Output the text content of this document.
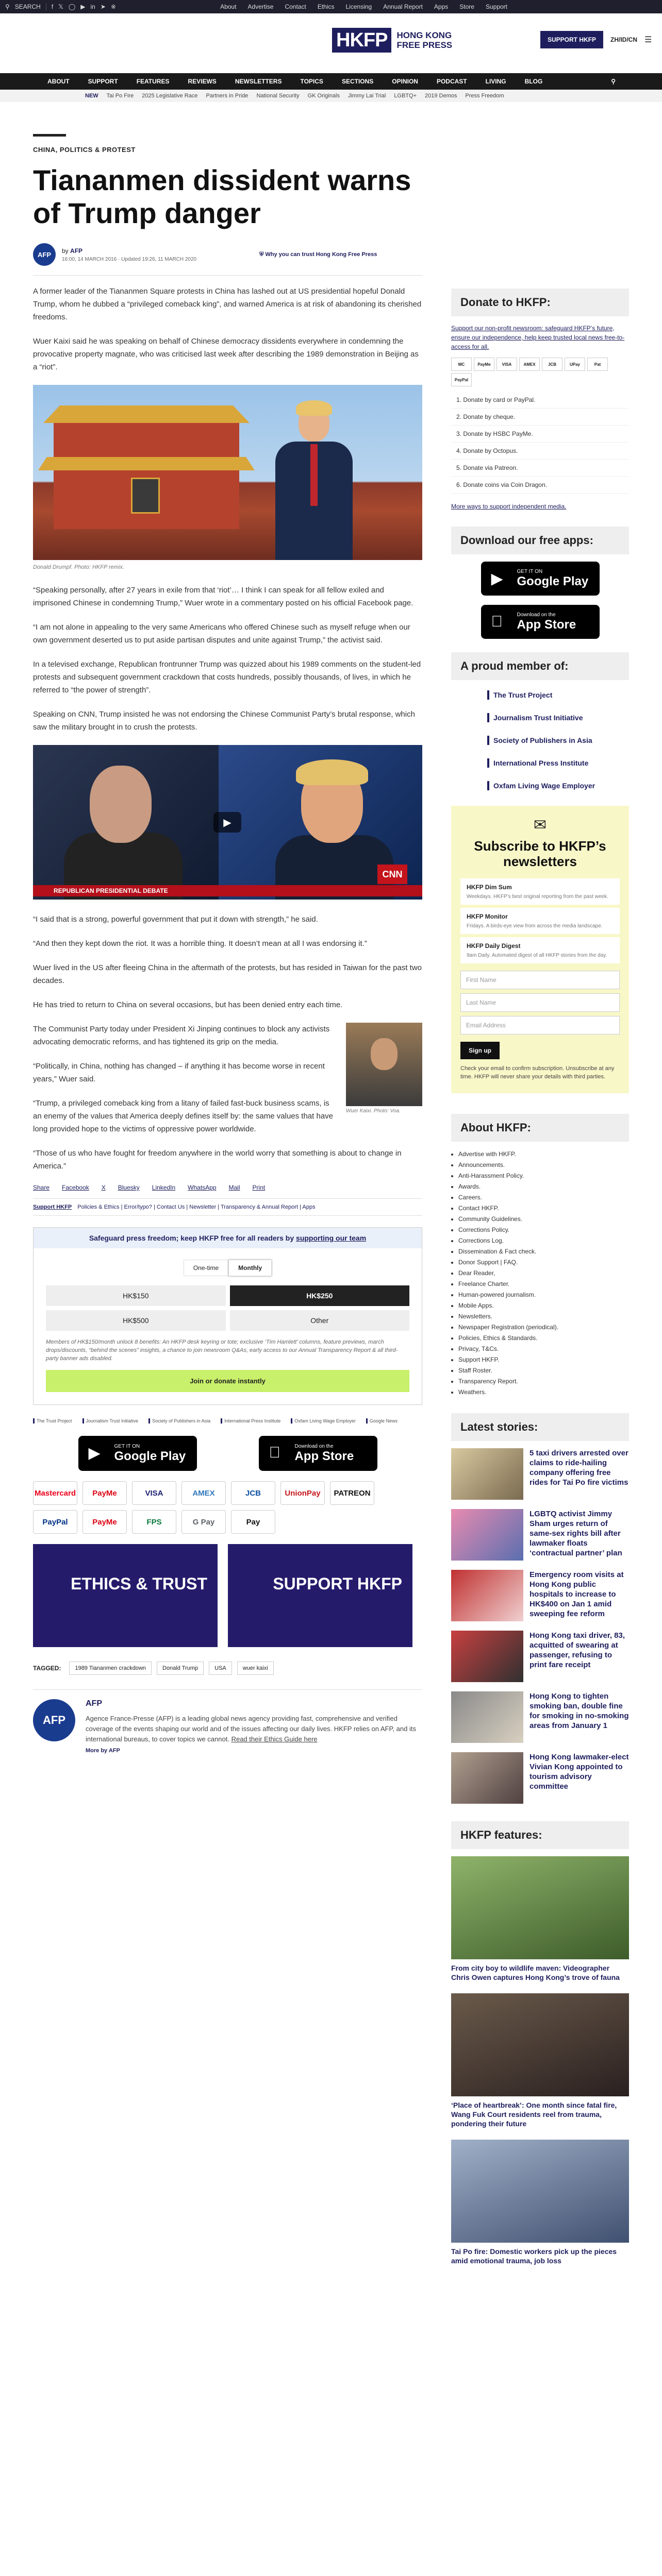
⚲ SEARCH f 𝕏 ◯ ▶ in ➤ ※	About Advertise Contact Ethics Licensing Annual Report Apps Store Support
HKFP	HONG KONG
FREE PRESS
SUPPORT HKFP	ZH/ID/CN ☰
ABOUT	SUPPORT	FEATURES	REVIEWS	NEWSLETTERS	TOPICS	SECTIONS	OPINION	PODCAST	LIVING	BLOG	⚲
NEW Tai Po Fire 2025 Legislative Race Partners in Pride National Security GK Originals Jimmy Lai Trial LGBTQ+ 2019 Demos Press Freedom
CHINA, POLITICS & PROTEST
Tiananmen dissident warns of Trump danger
AFP	by AFP
16:00, 14 MARCH 2016 · Updated 19:26, 11 MARCH 2020
⛨ Why you can trust Hong Kong Free Press

A former leader of the Tiananmen Square protests in China has lashed out at US presidential hopeful Donald Trump, whom he dubbed a “privileged comeback king”, and warned America is at risk of abandoning its cherished freedoms.

Wuer Kaixi said he was speaking on behalf of Chinese democracy dissidents everywhere in condemning the provocative property magnate, who was criticised last week after describing the 1989 demonstration in Beijing as a “riot”.

Donald Drumpf. Photo: HKFP remix.

“Speaking personally, after 27 years in exile from that ‘riot’… I think I can speak for all fellow exiled and imprisoned Chinese in condemning Trump,” Wuer wrote in a commentary posted on his official Facebook page.

“I am not alone in appealing to the very same Americans who offered Chinese such as myself refuge when our own government deserted us to put aside partisan disputes and unite against Trump,” the activist said.

In a televised exchange, Republican frontrunner Trump was quizzed about his 1989 comments on the student-led protests and subsequent government crackdown that costs hundreds, possibly thousands, of lives, in which he referred to “the power of strength”.

Speaking on CNN, Trump insisted he was not endorsing the Chinese Communist Party’s brutal response, which saw the military brought in to crush the protests.

CNN
REPUBLICAN PRESIDENTIAL DEBATE
▶

“I said that is a strong, powerful government that put it down with strength,” he said.

“And then they kept down the riot. It was a horrible thing. It doesn’t mean at all I was endorsing it.”

Wuer lived in the US after fleeing China in the aftermath of the protests, but has resided in Taiwan for the past two decades.

He has tried to return to China on several occasions, but has been denied entry each time.

Wuer Kaixi. Photo: Voa.

The Communist Party today under President Xi Jinping continues to block any activists advocating democratic reforms, and has tightened its grip on the media.

“Politically, in China, nothing has changed – if anything it has become worse in recent years,” Wuer said.

“Trump, a privileged comeback king from a litany of failed fast-buck business scams, is an enemy of the values that America deeply defines itself by: the same values that have long provided hope to the victims of oppressive power worldwide.

“Those of us who have fought for freedom anywhere in the world worry that something is about to change in America.”

Share Facebook X Bluesky LinkedIn WhatsApp Mail Print
Support HKFP Policies & Ethics | Error/typo? | Contact Us | Newsletter | Transparency & Annual Report | Apps
Safeguard press freedom; keep HKFP free for all readers by supporting our team
One-time	Monthly
HK$150	HK$250
HK$500	Other
Members of HK$150/month unlock 8 benefits: An HKFP desk keyring or tote; exclusive ‘Tim Hamlett’ columns, feature previews, march drops/discounts, “behind the scenes” insights, a chance to join newsroom Q&As, early access to our Annual Transparency Report & all third-party banner ads disabled.
Join or donate instantly
The Trust Project	Journalism Trust Initiative	Society of Publishers in Asia	International Press Institute	Oxfam Living Wage Employer	Google News
▶	GET IT ON
Google Play
Download on the
App Store
Mastercard	PayMe	VISA	AMEX	JCB	UnionPay	PATREON
PayPal	PayMe	FPS	G Pay	Pay
ETHICS & TRUST	SUPPORT HKFP
TAGGED:	1989 Tiananmen crackdown	Donald Trump	USA	wuer kaixi
AFP
AFP

Agence France-Presse (AFP) is a leading global news agency providing fast, comprehensive and verified coverage of the events shaping our world and of the issues affecting our daily lives. HKFP relies on AFP, and its international bureaus, to cover topics we cannot. Read their Ethics Guide here

More by AFP
Donate to HKFP:
Support our non-profit newsroom: safeguard HKFP’s future, ensure our independence, help keep trusted local news free-to-access for all.
MC	PayMe	VISA	AMEX	JCB	UPay	Pat
PayPal
1. Donate by card or PayPal.
2. Donate by cheque.
3. Donate by HSBC PayMe.
4. Donate by Octopus.
5. Donate via Patreon.
6. Donate coins via Coin Dragon.
More ways to support independent media.
Download our free apps:
▶	GET IT ON
Google Play
Download on the
App Store
A proud member of:
The Trust Project
Journalism Trust Initiative
Society of Publishers in Asia
International Press Institute
Oxfam Living Wage Employer
✉
Subscribe to HKFP’s newsletters
HKFP Dim Sum
Weekdays. HKFP’s best original reporting from the past week.
HKFP Monitor
Fridays. A birds-eye view from across the media landscape.
HKFP Daily Digest
9am Daily. Automated digest of all HKFP stories from the day.
First Name
Last Name
Email Address
Sign up
Check your email to confirm subscription. Unsubscribe at any time. HKFP will never share your details with third parties.
About HKFP:
• Advertise with HKFP.
• Announcements.
• Anti-Harassment Policy.
• Awards.
• Careers.
• Contact HKFP.
• Community Guidelines.
• Corrections Policy.
• Corrections Log.
• Dissemination & Fact check.
• Donor Support | FAQ.
• Dear Reader,
• Freelance Charter.
• Human-powered journalism.
• Mobile Apps.
• Newsletters.
• Newspaper Registration (periodical).
• Policies, Ethics & Standards.
• Privacy, T&Cs.
• Support HKFP.
• Staff Roster.
• Transparency Report.
• Weathers.
Latest stories:
5 taxi drivers arrested over claims to ride-hailing company offering free rides for Tai Po fire victims
LGBTQ activist Jimmy Sham urges return of same-sex rights bill after lawmaker floats ‘contractual partner’ plan
Emergency room visits at Hong Kong public hospitals to increase to HK$400 on Jan 1 amid sweeping fee reform
Hong Kong taxi driver, 83, acquitted of swearing at passenger, refusing to print fare receipt
Hong Kong to tighten smoking ban, double fine for smoking in no-smoking areas from January 1
Hong Kong lawmaker-elect Vivian Kong appointed to tourism advisory committee
HKFP features:
From city boy to wildlife maven: Videographer Chris Owen captures Hong Kong’s trove of fauna
‘Place of heartbreak’: One month since fatal fire, Wang Fuk Court residents reel from trauma, pondering their future
Tai Po fire: Domestic workers pick up the pieces amid emotional trauma, job loss
